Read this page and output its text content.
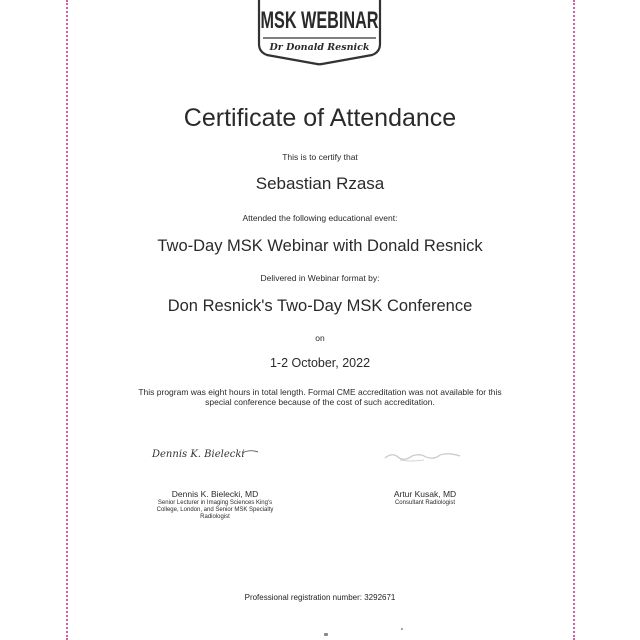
MSK WEBINAR
Dr Donald Resnick
Certificate of Attendance
This is to certify that
Sebastian Rzasa
Attended the following educational event:
Two-Day MSK Webinar with Donald Resnick
Delivered in Webinar format by:
Don Resnick's Two-Day MSK Conference
on
1-2 October, 2022
This program was eight hours in total length. Formal CME accreditation was not available for this
special conference because of the cost of such accreditation.
Dennis K. Bielecki
Dennis K. Bielecki, MD
Senior Lecturer in Imaging Sciences King's
College, London, and Senior MSK Specialty
Radiologist
Artur Kusak, MD
Consultant Radiologist
Professional registration number: 3292671
